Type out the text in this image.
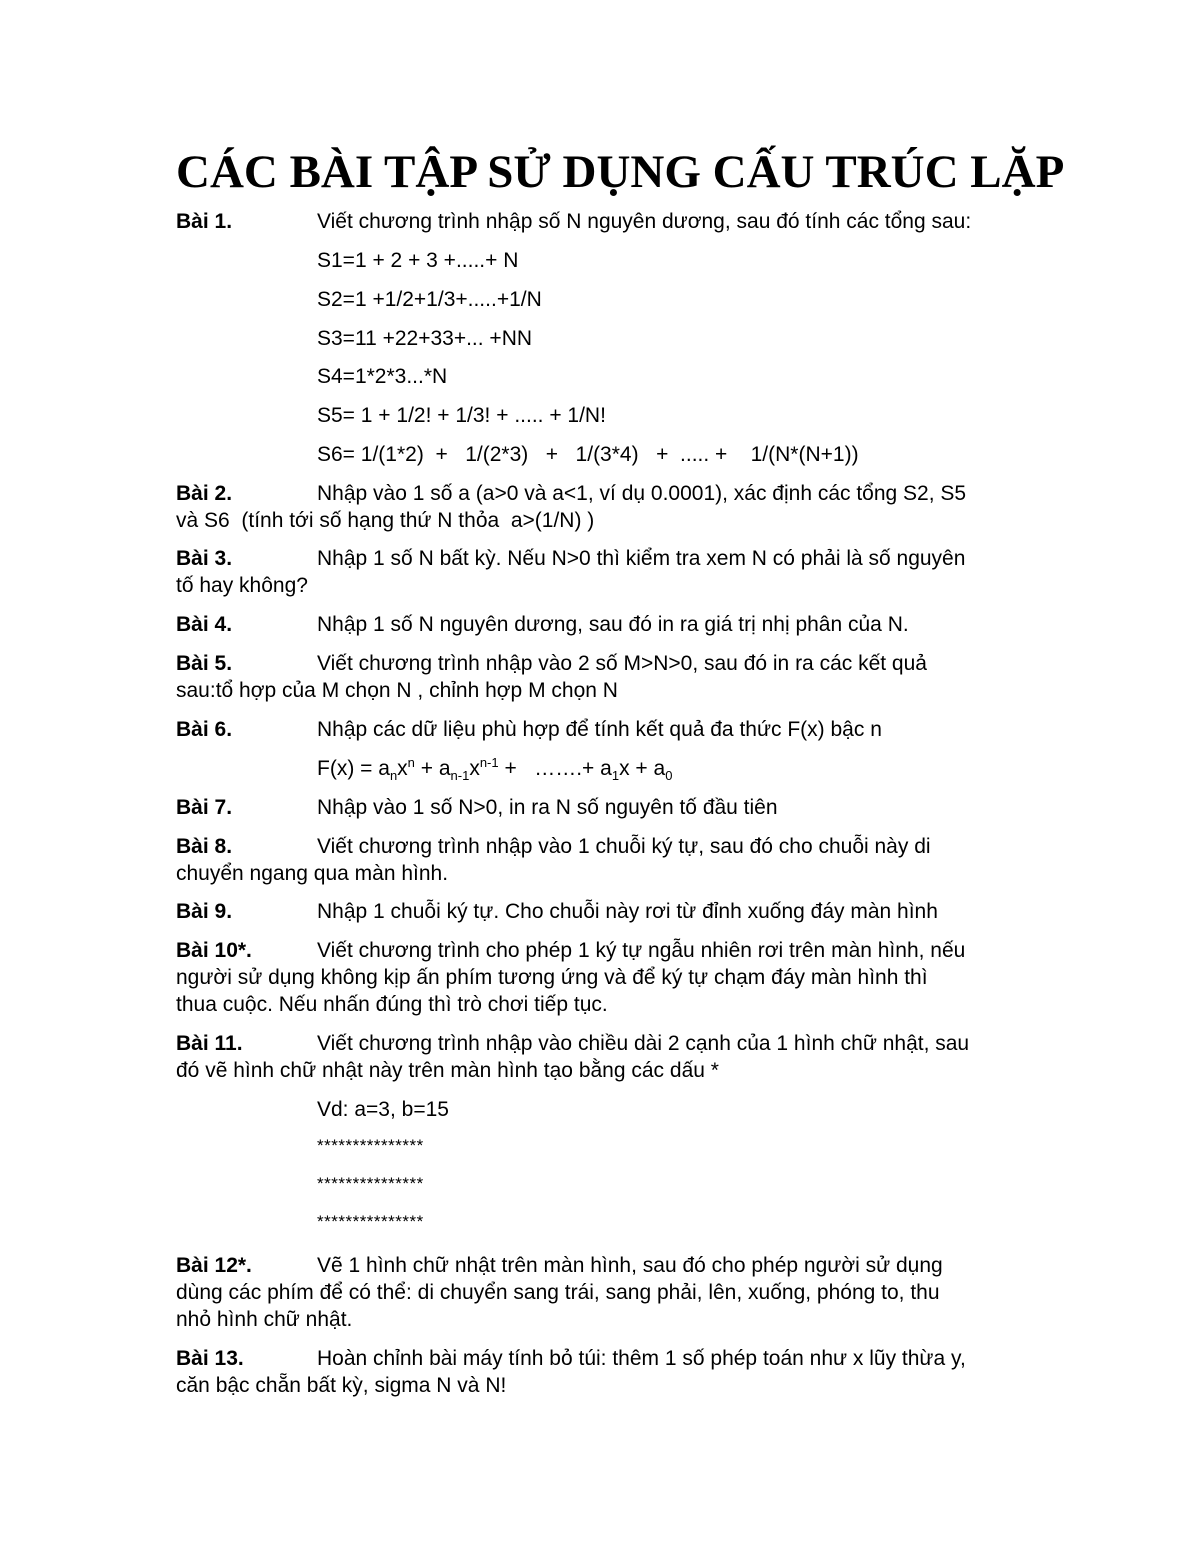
CÁC BÀI TẬP SỬ DỤNG CẤU TRÚC LẶP
Bài 1.	Viết chương trình nhập số N nguyên dương, sau đó tính các tổng sau:
S1=1 + 2 + 3 +.....+ N
S2=1 +1/2+1/3+.....+1/N
S3=11 +22+33+... +NN
S4=1*2*3...*N
S5= 1 + 1/2! + 1/3! + ..... + 1/N!
S6= 1/(1*2)  +   1/(2*3)   +   1/(3*4)   +  ..... +    1/(N*(N+1))
Bài 2.	Nhập vào 1 số a (a>0 và a<1, ví dụ 0.0001), xác định các tổng S2, S5
và S6  (tính tới số hạng thứ N thỏa  a>(1/N) )
Bài 3.	Nhập 1 số N bất kỳ. Nếu N>0 thì kiểm tra xem N có phải là số nguyên
tố hay không?
Bài 4.	Nhập 1 số N nguyên dương, sau đó in ra giá trị nhị phân của N.
Bài 5.	Viết chương trình nhập vào 2 số M>N>0, sau đó in ra các kết quả
sau:tổ hợp của M chọn N , chỉnh hợp M chọn N
Bài 6.	Nhập các dữ liệu phù hợp để tính kết quả đa thức F(x) bậc n
$F(x) = a_nx^n + a_{n-1}x^{n-1}$ +   …….+ $a_1x + a_0$
Bài 7.	Nhập vào 1 số N>0, in ra N số nguyên tố đầu tiên
Bài 8.	Viết chương trình nhập vào 1 chuỗi ký tự, sau đó cho chuỗi này di
chuyển ngang qua màn hình.
Bài 9.	Nhập 1 chuỗi ký tự. Cho chuỗi này rơi từ đỉnh xuống đáy màn hình
Bài 10*.	Viết chương trình cho phép 1 ký tự ngẫu nhiên rơi trên màn hình, nếu
người sử dụng không kịp ấn phím tương ứng và để ký tự chạm đáy màn hình thì
thua cuộc. Nếu nhấn đúng thì trò chơi tiếp tục.
Bài 11.	Viết chương trình nhập vào chiều dài 2 cạnh của 1 hình chữ nhật, sau
đó vẽ hình chữ nhật này trên màn hình tạo bằng các dấu *
Vd: a=3, b=15
***************
***************
***************
Bài 12*.	Vẽ 1 hình chữ nhật trên màn hình, sau đó cho phép người sử dụng
dùng các phím để có thể: di chuyển sang trái, sang phải, lên, xuống, phóng to, thu
nhỏ hình chữ nhật.
Bài 13.	Hoàn chỉnh bài máy tính bỏ túi: thêm 1 số phép toán như x lũy thừa y,
căn bậc chẵn bất kỳ, sigma N và N!
